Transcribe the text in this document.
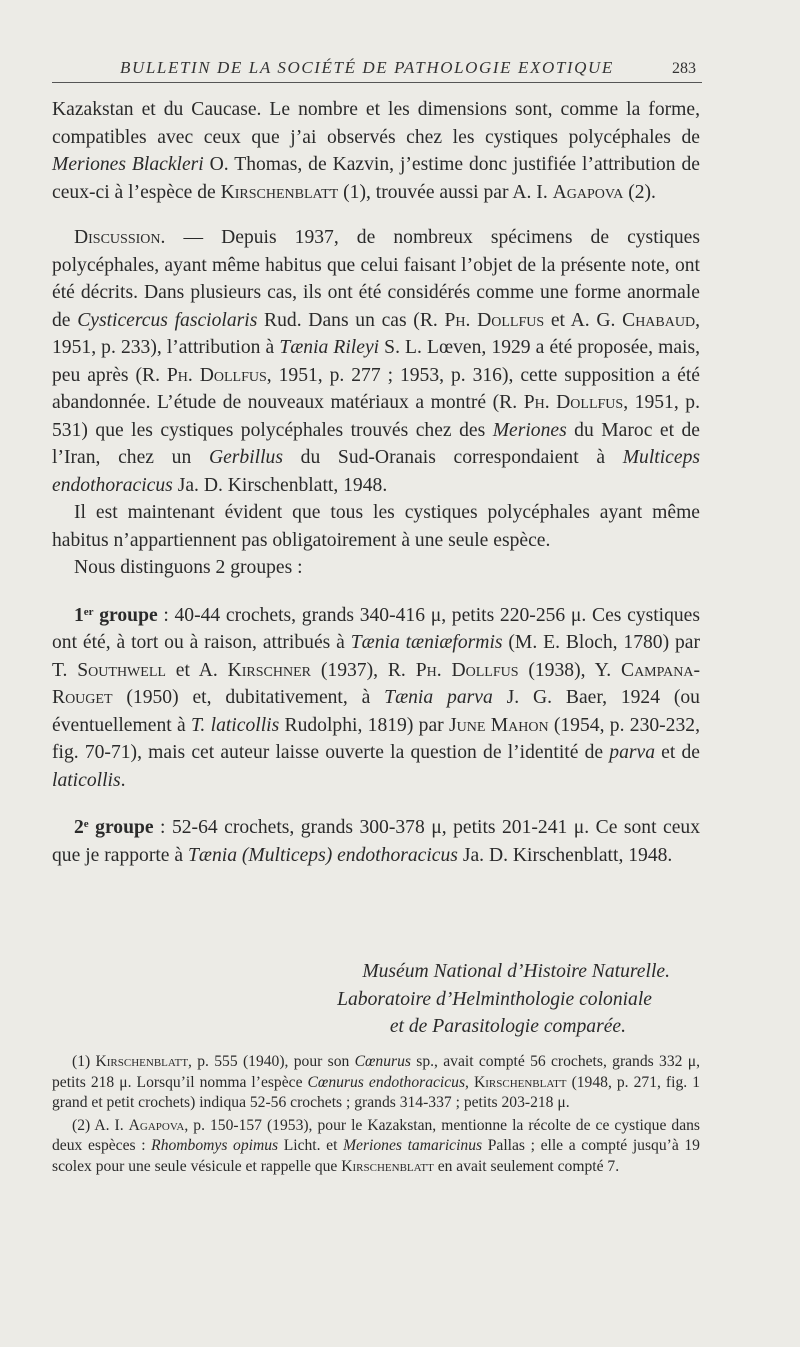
BULLETIN DE LA SOCIÉTÉ DE PATHOLOGIE EXOTIQUE	283

Kazakstan et du Caucase. Le nombre et les dimensions sont, comme la forme, compatibles avec ceux que j’ai observés chez les cystiques polycéphales de Meriones Blackleri O. Thomas, de Kazvin, j’estime donc justifiée l’attribution de ceux-ci à l’espèce de Kirschenblatt (1), trouvée aussi par A. I. Agapova (2).

Discussion. — Depuis 1937, de nombreux spécimens de cystiques polycéphales, ayant même habitus que celui faisant l’objet de la présente note, ont été décrits. Dans plusieurs cas, ils ont été considérés comme une forme anormale de Cysticercus fasciolaris Rud. Dans un cas (R. Ph. Dollfus et A. G. Chabaud, 1951, p. 233), l’attribution à Tænia Rileyi S. L. Lœven, 1929 a été proposée, mais, peu après (R. Ph. Dollfus, 1951, p. 277 ; 1953, p. 316), cette supposition a été abandonnée. L’étude de nouveaux matériaux a montré (R. Ph. Dollfus, 1951, p. 531) que les cystiques polycéphales trouvés chez des Meriones du Maroc et de l’Iran, chez un Gerbillus du Sud-Oranais correspondaient à Multiceps endothoracicus Ja. D. Kirschenblatt, 1948.

Il est maintenant évident que tous les cystiques polycéphales ayant même habitus n’appartiennent pas obligatoirement à une seule espèce.

Nous distinguons 2 groupes :

1er groupe : 40-44 crochets, grands 340-416 μ, petits 220-256 μ. Ces cystiques ont été, à tort ou à raison, attribués à Tænia tæniæformis (M. E. Bloch, 1780) par T. Southwell et A. Kirschner (1937), R. Ph. Dollfus (1938), Y. Campana-Rouget (1950) et, dubitativement, à Tænia parva J. G. Baer, 1924 (ou éventuellement à T. laticollis Rudolphi, 1819) par June Mahon (1954, p. 230-232, fig. 70-71), mais cet auteur laisse ouverte la question de l’identité de parva et de laticollis.

2e groupe : 52-64 crochets, grands 300-378 μ, petits 201-241 μ. Ce sont ceux que je rapporte à Tænia (Multiceps) endothoracicus Ja. D. Kirschenblatt, 1948.

Muséum National d’Histoire Naturelle.
Laboratoire d’Helminthologie coloniale
et de Parasitologie comparée.

(1) Kirschenblatt, p. 555 (1940), pour son Cœnurus sp., avait compté 56 crochets, grands 332 μ, petits 218 μ. Lorsqu’il nomma l’espèce Cœnurus endothoracicus, Kirschenblatt (1948, p. 271, fig. 1 grand et petit crochets) indiqua 52-56 crochets ; grands 314-337 ; petits 203-218 μ.

(2) A. I. Agapova, p. 150-157 (1953), pour le Kazakstan, mentionne la récolte de ce cystique dans deux espèces : Rhombomys opimus Licht. et Meriones tamaricinus Pallas ; elle a compté jusqu’à 19 scolex pour une seule vésicule et rappelle que Kirschenblatt en avait seulement compté 7.
